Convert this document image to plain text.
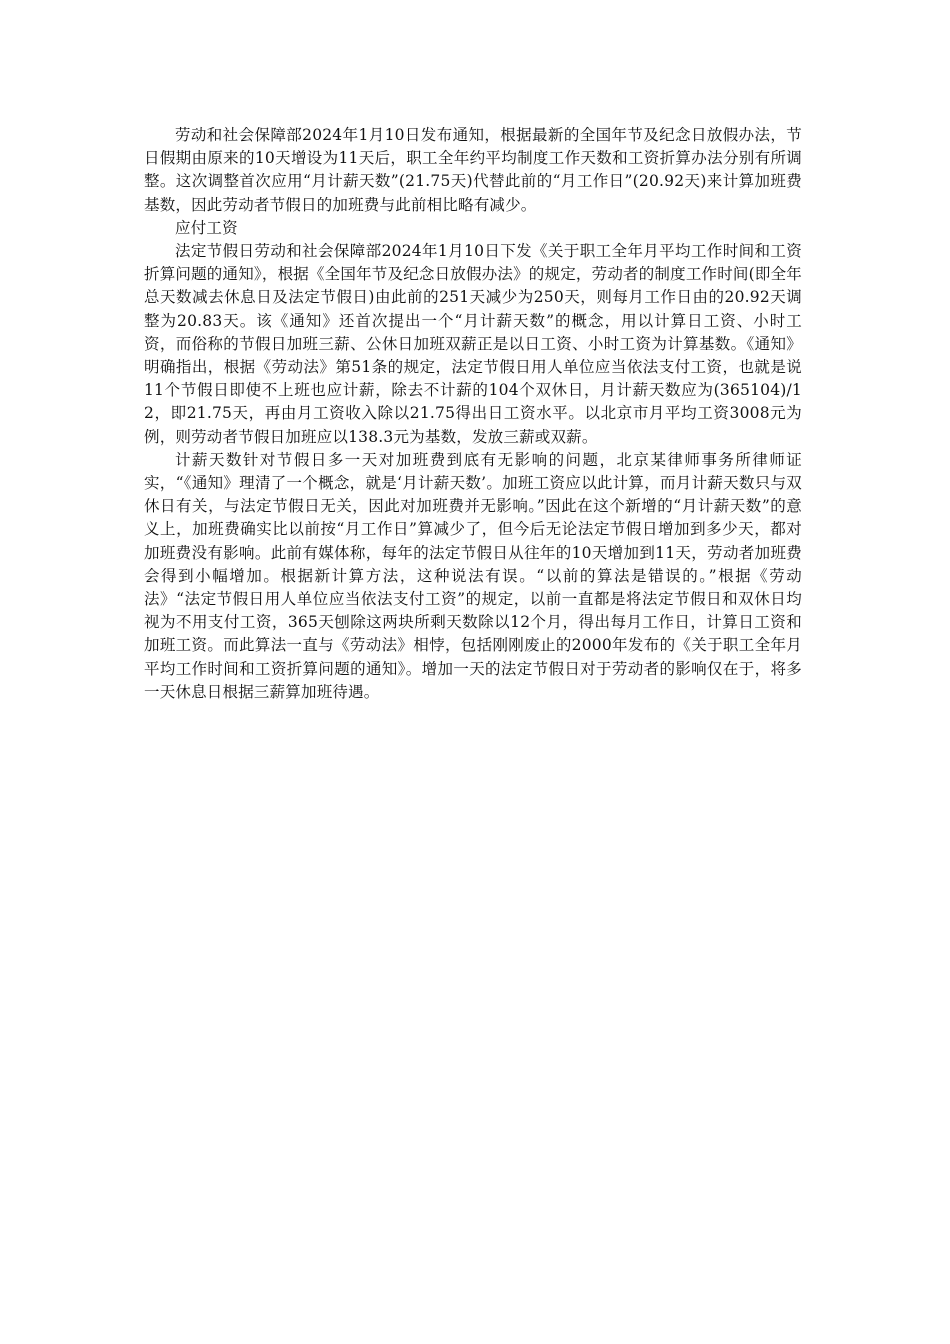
劳动和社会保障部2024年1月10日发布通知，根据最新的全国年节及纪念日放假办法，节日假期由原来的10天增设为11天后，职工全年约平均制度工作天数和工资折算办法分别有所调整。这次调整首次应用“月计薪天数”(21.75天)代替此前的“月工作日”(20.92天)来计算加班费基数，因此劳动者节假日的加班费与此前相比略有减少。

应付工资

法定节假日劳动和社会保障部2024年1月10日下发《关于职工全年月平均工作时间和工资折算问题的通知》，根据《全国年节及纪念日放假办法》的规定，劳动者的制度工作时间(即全年总天数减去休息日及法定节假日)由此前的251天减少为250天，则每月工作日由的20.92天调整为20.83天。该《通知》还首次提出一个“月计薪天数”的概念，用以计算日工资、小时工资，而俗称的节假日加班三薪、公休日加班双薪正是以日工资、小时工资为计算基数。《通知》明确指出，根据《劳动法》第51条的规定，法定节假日用人单位应当依法支付工资，也就是说11个节假日即使不上班也应计薪，除去不计薪的104个双休日，月计薪天数应为(365104)/12，即21.75天，再由月工资收入除以21.75得出日工资水平。以北京市月平均工资3008元为例，则劳动者节假日加班应以138.3元为基数，发放三薪或双薪。

计薪天数针对节假日多一天对加班费到底有无影响的问题，北京某律师事务所律师证实，“《通知》理清了一个概念，就是‘月计薪天数’。加班工资应以此计算，而月计薪天数只与双休日有关，与法定节假日无关，因此对加班费并无影响。”因此在这个新增的“月计薪天数”的意义上，加班费确实比以前按“月工作日”算减少了，但今后无论法定节假日增加到多少天，都对加班费没有影响。此前有媒体称，每年的法定节假日从往年的10天增加到11天，劳动者加班费会得到小幅增加。根据新计算方法，这种说法有误。“以前的算法是错误的。”根据《劳动法》“法定节假日用人单位应当依法支付工资”的规定，以前一直都是将法定节假日和双休日均视为不用支付工资，365天刨除这两块所剩天数除以12个月，得出每月工作日，计算日工资和加班工资。而此算法一直与《劳动法》相悖，包括刚刚废止的2000年发布的《关于职工全年月平均工作时间和工资折算问题的通知》。增加一天的法定节假日对于劳动者的影响仅在于，将多一天休息日根据三薪算加班待遇。
